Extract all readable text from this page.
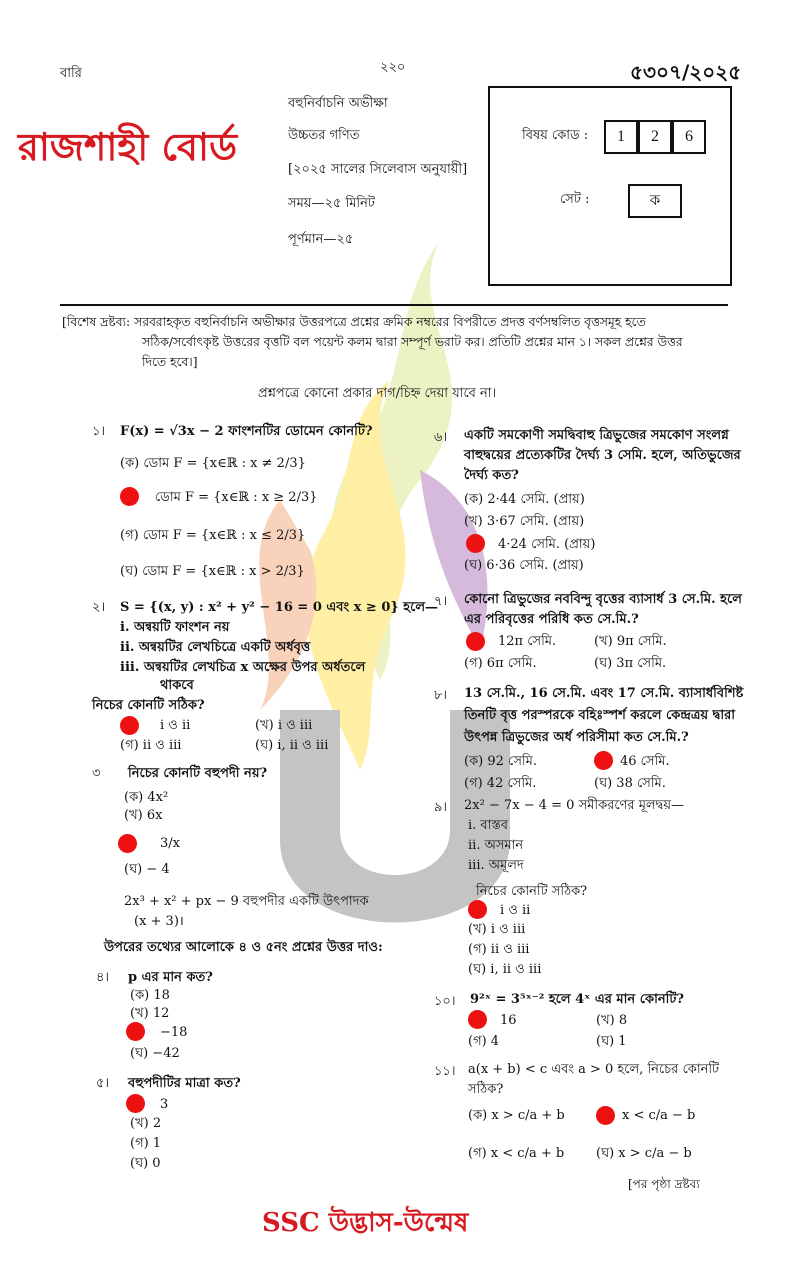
বারি	২২০	৫৩০৭/২০২৫
রাজশাহী বোর্ড
বহুনির্বাচনি অভীক্ষা
উচ্চতর গণিত
[২০২৫ সালের সিলেবাস অনুযায়ী]
সময়—২৫ মিনিট
পূর্ণমান—২৫
বিষয় কোড :	1	2	6
সেট :	ক
[বিশেষ দ্রষ্টব্য: সরবরাহকৃত বহুনির্বাচনি অভীক্ষার উত্তরপত্রে প্রশ্নের ক্রমিক নম্বরের বিপরীতে প্রদত্ত বর্ণসম্বলিত বৃত্তসমূহ হতে
সঠিক/সর্বোৎকৃষ্ট উত্তরের বৃত্তটি বল পয়েন্ট কলম দ্বারা সম্পূর্ণ ভরাট কর। প্রতিটি প্রশ্নের মান ১। সকল প্রশ্নের উত্তর
দিতে হবে।]
প্রশ্নপত্রে কোনো প্রকার দাগ/চিহ্ন দেয়া যাবে না।
১। F(x) = √3x − 2 ফাংশনটির ডোমেন কোনটি?
(ক) ডোম F = {x∈ℝ : x ≠ 2/3}
ডোম F = {x∈ℝ : x ≥ 2/3}
(গ) ডোম F = {x∈ℝ : x ≤ 2/3}
(ঘ) ডোম F = {x∈ℝ : x > 2/3}
২। S = {(x, y) : x² + y² − 16 = 0 এবং x ≥ 0} হলে—
i. অন্বয়টি ফাংশন নয়
ii. অন্বয়টির লেখচিত্রে একটি অর্ধবৃত্ত
iii. অন্বয়টির লেখচিত্র x অক্ষের উপর অর্ধতলে
থাকবে
নিচের কোনটি সঠিক?
i ও ii	(খ) i ও iii
(গ) ii ও iii	(ঘ) i, ii ও iii
৩ নিচের কোনটি বহুপদী নয়?
(ক) 4x²
(খ) 6x
3/x
(ঘ) − 4
2x³ + x² + px − 9 বহুপদীর একটি উৎপাদক
(x + 3)।
উপরের তথ্যের আলোকে ৪ ও ৫নং প্রশ্নের উত্তর দাও:
৪। p এর মান কত?
(ক) 18
(খ) 12
−18
(ঘ) −42
৫। বহুপদীটির মাত্রা কত?
3
(খ) 2
(গ) 1
(ঘ) 0
৬। একটি সমকোণী সমদ্বিবাহু ত্রিভুজের সমকোণ সংলগ্ন
বাহুদ্বয়ের প্রত্যেকটির দৈর্ঘ্য 3 সেমি. হলে, অতিভুজের
দৈর্ঘ্য কত?
(ক) 2·44 সেমি. (প্রায়)
(খ) 3·67 সেমি. (প্রায়)
4·24 সেমি. (প্রায়)
(ঘ) 6·36 সেমি. (প্রায়)
৭। কোনো ত্রিভুজের নববিন্দু বৃত্তের ব্যাসার্ধ 3 সে.মি. হলে
এর পরিবৃত্তের পরিধি কত সে.মি.?
12π সেমি.	(খ) 9π সেমি.
(গ) 6π সেমি.	(ঘ) 3π সেমি.
৮। 13 সে.মি., 16 সে.মি. এবং 17 সে.মি. ব্যাসার্ধবিশিষ্ট
তিনটি বৃত্ত পরস্পরকে বহিঃস্পর্শ করলে কেন্দ্রত্রয় দ্বারা
উৎপন্ন ত্রিভুজের অর্ধ পরিসীমা কত সে.মি.?
(ক) 92 সেমি.	46 সেমি.
(গ) 42 সেমি.	(ঘ) 38 সেমি.
৯। 2x² − 7x − 4 = 0 সমীকরণের মূলদ্বয়—
i. বাস্তব
ii. অসমান
iii. অমূলদ
নিচের কোনটি সঠিক?
i ও ii
(খ) i ও iii
(গ) ii ও iii
(ঘ) i, ii ও iii
১০। 9²ˣ = 3⁵ˣ⁻² হলে 4ˣ এর মান কোনটি?
16	(খ) 8
(গ) 4	(ঘ) 1
১১। a(x + b) < c এবং a > 0 হলে, নিচের কোনটি
সঠিক?
(ক) x > c/a + b	x < c/a − b
(গ) x < c/a + b (ঘ) x > c/a − b
[পর পৃষ্ঠা দ্রষ্টব্য
SSC উদ্ভাস-উন্মেষ
